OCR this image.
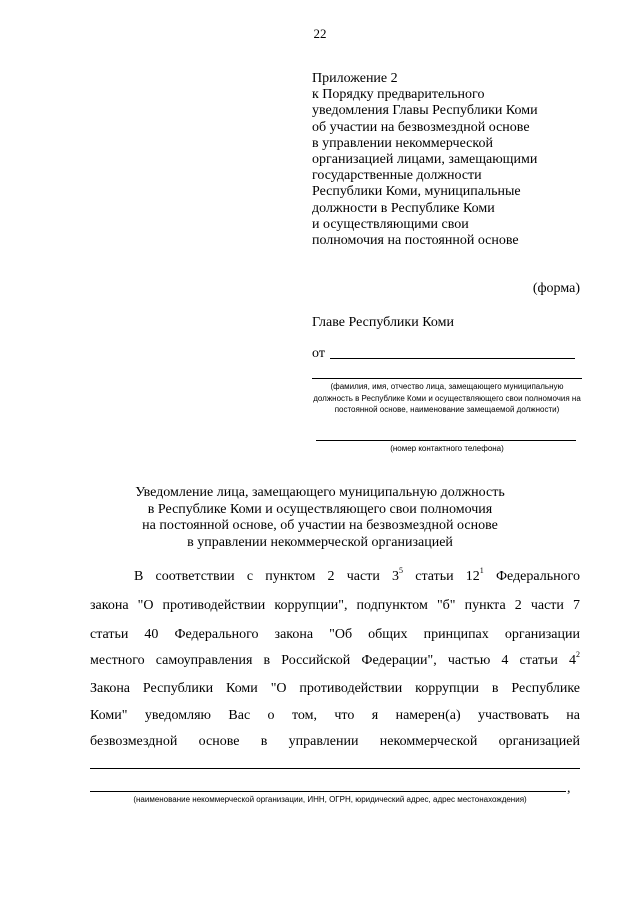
22
Приложение 2
к Порядку предварительного
уведомления Главы Республики Коми
об участии на безвозмездной основе
в управлении некоммерческой
организацией лицами, замещающими
государственные должности
Республики Коми, муниципальные
должности в Республике Коми
и осуществляющими свои
полномочия на постоянной основе
(форма)
Главе Республики Коми
от
(фамилия, имя, отчество лица, замещающего муниципальную должность в Республике Коми и осуществляющего свои полномочия на постоянной основе, наименование замещаемой должности)
(номер контактного телефона)
Уведомление лица, замещающего муниципальную должность
в Республике Коми и осуществляющего свои полномочия
на постоянной основе, об участии на безвозмездной основе
в управлении некоммерческой организацией
В соответствии с пунктом 2 части $3^5$ статьи $12^1$ Федерального
закона "О противодействии коррупции", подпунктом "б" пункта 2 части 7
статьи 40 Федерального закона "Об общих принципах организации
местного самоуправления в Российской Федерации", частью 4 статьи $4^2$
Закона Республики Коми "О противодействии коррупции в Республике
Коми" уведомляю Вас о том, что я намерен(а) участвовать на
безвозмездной основе в управлении некоммерческой организацией
,
(наименование некоммерческой организации, ИНН, ОГРН, юридический адрес, адрес местонахождения)
